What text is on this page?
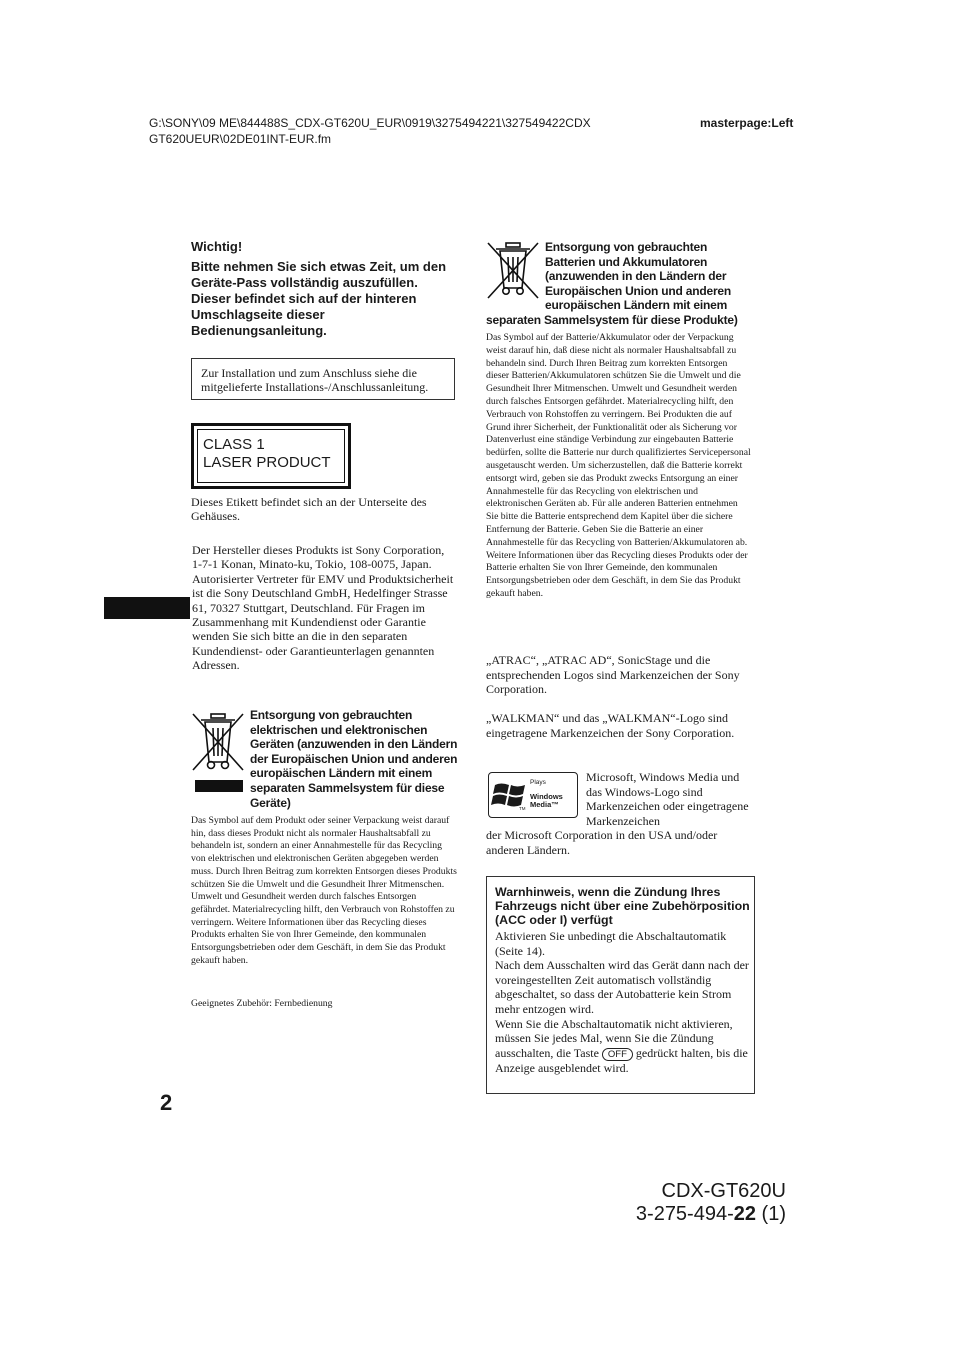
G:\SONY\09 ME\844488S_CDX-GT620U_EUR\0919\3275494221\327549422CDXGT620UEUR\02DE01INT-EUR.fm
masterpage:Left
Wichtig!
Bitte nehmen Sie sich etwas Zeit, um den Geräte-Pass vollständig auszufüllen. Dieser befindet sich auf der hinteren Umschlagseite dieser Bedienungsanleitung.
Zur Installation und zum Anschluss siehe die mitgelieferte Installations-/Anschlussanleitung.
CLASS 1
LASER PRODUCT
Dieses Etikett befindet sich an der Unterseite des Gehäuses.
Der Hersteller dieses Produkts ist Sony Corporation, 1-7-1 Konan, Minato-ku, Tokio, 108-0075, Japan.
Autorisierter Vertreter für EMV und Produktsicherheit ist die Sony Deutschland GmbH, Hedelfinger Strasse 61, 70327 Stuttgart, Deutschland. Für Fragen im Zusammenhang mit Kundendienst oder Garantie wenden Sie sich bitte an die in den separaten Kundendienst- oder Garantieunterlagen genannten Adressen.
Entsorgung von gebrauchten elektrischen und elektronischen Geräten (anzuwenden in den Ländern der Europäischen Union und anderen europäischen Ländern mit einem separaten Sammelsystem für diese Geräte)
Das Symbol auf dem Produkt oder seiner Verpackung weist darauf hin, dass dieses Produkt nicht als normaler Haushaltsabfall zu behandeln ist, sondern an einer Annahmestelle für das Recycling von elektrischen und elektronischen Geräten abgegeben werden muss. Durch Ihren Beitrag zum korrekten Entsorgen dieses Produkts schützen Sie die Umwelt und die Gesundheit Ihrer Mitmenschen. Umwelt und Gesundheit werden durch falsches Entsorgen gefährdet. Materialrecycling hilft, den Verbrauch von Rohstoffen zu verringern. Weitere Informationen über das Recycling dieses Produkts erhalten Sie von Ihrer Gemeinde, den kommunalen Entsorgungsbetrieben oder dem Geschäft, in dem Sie das Produkt gekauft haben.
Geeignetes Zubehör: Fernbedienung
2
Entsorgung von gebrauchten Batterien und Akkumulatoren (anzuwenden in den Ländern der Europäischen Union und anderen europäischen Ländern mit einem
separaten Sammelsystem für diese Produkte)
Das Symbol auf der Batterie/Akkumulator oder der Verpackung weist darauf hin, daß diese nicht als normaler Haushaltsabfall zu behandeln sind. Durch Ihren Beitrag zum korrekten Entsorgen dieser Batterien/Akkumulatoren schützen Sie die Umwelt und die Gesundheit Ihrer Mitmenschen. Umwelt und Gesundheit werden durch falsches Entsorgen gefährdet. Materialrecycling hilft, den Verbrauch von Rohstoffen zu verringern. Bei Produkten die auf Grund ihrer Sicherheit, der Funktionalität oder als Sicherung vor Datenverlust eine ständige Verbindung zur eingebauten Batterie bedürfen, sollte die Batterie nur durch qualifiziertes Servicepersonal ausgetauscht werden. Um sicherzustellen, daß die Batterie korrekt entsorgt wird, geben sie das Produkt zwecks Entsorgung an einer Annahmestelle für das Recycling von elektrischen und elektronischen Geräten ab. Für alle anderen Batterien entnehmen Sie bitte die Batterie entsprechend dem Kapitel über die sichere Entfernung der Batterie. Geben Sie die Batterie an einer Annahmestelle für das Recycling von Batterien/Akkumulatoren ab. Weitere Informationen über das Recycling dieses Produkts oder der Batterie erhalten Sie von Ihrer Gemeinde, den kommunalen Entsorgungsbetrieben oder dem Geschäft, in dem Sie das Produkt gekauft haben.
„ATRAC“, „ATRAC AD“, SonicStage und die entsprechenden Logos sind Markenzeichen der Sony Corporation.
„WALKMAN“ und das „WALKMAN“-Logo sind eingetragene Markenzeichen der Sony Corporation.
Plays
Windows
Media™
TM
Microsoft, Windows Media und das Windows-Logo sind Markenzeichen oder eingetragene Markenzeichen
der Microsoft Corporation in den USA und/oder anderen Ländern.
Warnhinweis, wenn die Zündung Ihres Fahrzeugs nicht über eine Zubehörposition (ACC oder I) verfügt
Aktivieren Sie unbedingt die Abschaltautomatik (Seite 14).
Nach dem Ausschalten wird das Gerät dann nach der voreingestellten Zeit automatisch vollständig abgeschaltet, so dass der Autobatterie kein Strom mehr entzogen wird.
Wenn Sie die Abschaltautomatik nicht aktivieren, müssen Sie jedes Mal, wenn Sie die Zündung ausschalten, die Taste OFF gedrückt halten, bis die Anzeige ausgeblendet wird.
CDX-GT620U
3-275-494-22 (1)
